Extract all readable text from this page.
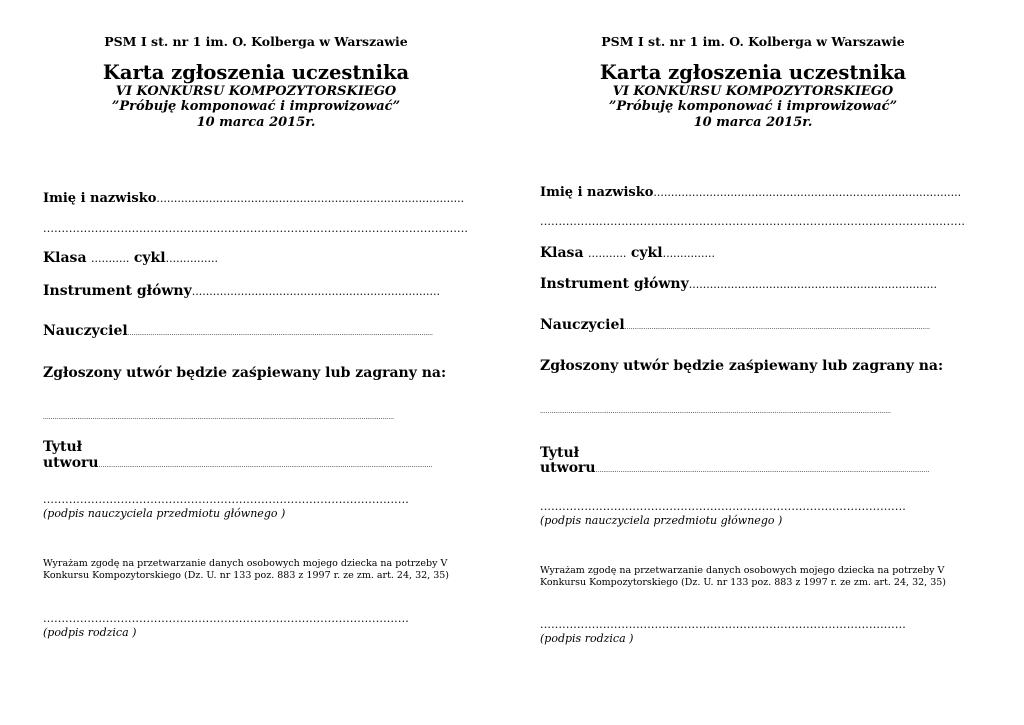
PSM I st. nr 1 im. O. Kolberga w Warszawie
Karta zgłoszenia uczestnika
VI KONKURSU KOMPOZYTORSKIEGO
”Próbuję komponować i improwizować”
10 marca 2015r.
Imię i nazwisko........................................................................................
...................................................................................................................
Klasa ........... cykl...............
Instrument główny.......................................................................
Nauczyciel................................................................................................................................................................
Zgłoszony utwór będzie zaśpiewany lub zagrany na:
........................................................................................................................................................................................
Tytuł
utworu...............................................................................................................................................................................
...................................................................................................
(podpis nauczyciela przedmiotu głównego )
Wyrażam zgodę na przetwarzanie danych osobowych mojego dziecka na potrzeby V Konkursu Kompozytorskiego (Dz. U. nr 133 poz. 883 z 1997 r. ze zm. art. 24, 32, 35)
...................................................................................................
(podpis rodzica )
PSM I st. nr 1 im. O. Kolberga w Warszawie
Karta zgłoszenia uczestnika
VI KONKURSU KOMPOZYTORSKIEGO
”Próbuję komponować i improwizować”
10 marca 2015r.
Imię i nazwisko........................................................................................
...................................................................................................................
Klasa ........... cykl...............
Instrument główny.......................................................................
Nauczyciel................................................................................................................................................................
Zgłoszony utwór będzie zaśpiewany lub zagrany na:
........................................................................................................................................................................................
Tytuł
utworu...............................................................................................................................................................................
...................................................................................................
(podpis nauczyciela przedmiotu głównego )
Wyrażam zgodę na przetwarzanie danych osobowych mojego dziecka na potrzeby V Konkursu Kompozytorskiego (Dz. U. nr 133 poz. 883 z 1997 r. ze zm. art. 24, 32, 35)
...................................................................................................
(podpis rodzica )
